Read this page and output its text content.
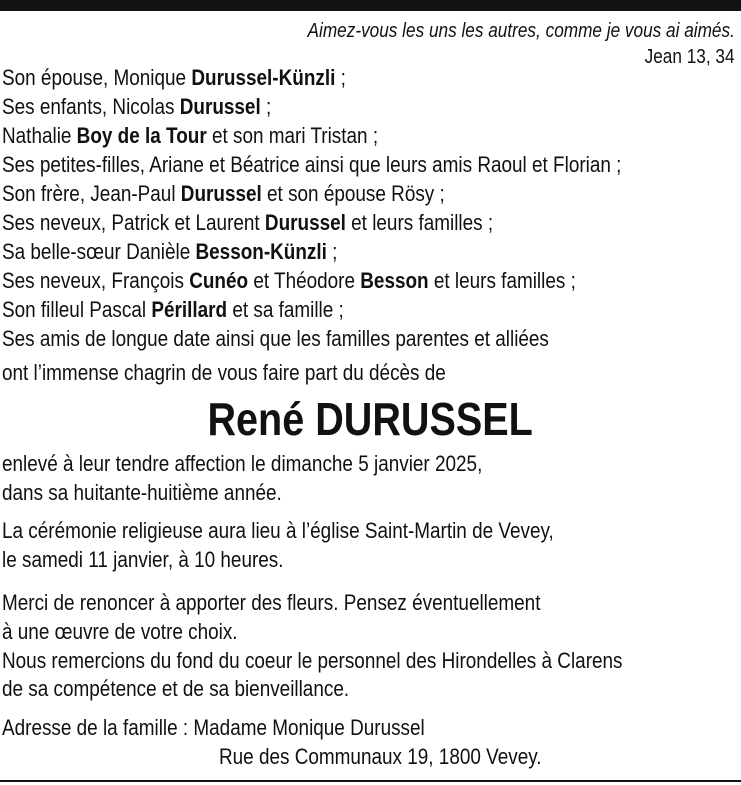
Aimez-vous les uns les autres, comme je vous ai aimés.
Jean 13, 34
Son épouse, Monique Durussel-Künzli ;
Ses enfants, Nicolas Durussel ;
Nathalie Boy de la Tour et son mari Tristan ;
Ses petites-filles, Ariane et Béatrice ainsi que leurs amis Raoul et Florian ;
Son frère, Jean-Paul Durussel et son épouse Rösy ;
Ses neveux, Patrick et Laurent Durussel et leurs familles ;
Sa belle-sœur Danièle Besson-Künzli ;
Ses neveux, François Cunéo et Théodore Besson et leurs familles ;
Son filleul Pascal Périllard et sa famille ;
Ses amis de longue date ainsi que les familles parentes et alliées
ont l’immense chagrin de vous faire part du décès de
René DURUSSEL
enlevé à leur tendre affection le dimanche 5 janvier 2025,
dans sa huitante-huitième année.
La cérémonie religieuse aura lieu à l’église Saint-Martin de Vevey,
le samedi 11 janvier, à 10 heures.
Merci de renoncer à apporter des fleurs. Pensez éventuellement
à une œuvre de votre choix.
Nous remercions du fond du coeur le personnel des Hirondelles à Clarens
de sa compétence et de sa bienveillance.
Adresse de la famille : Madame Monique Durussel
Rue des Communaux 19, 1800 Vevey.
